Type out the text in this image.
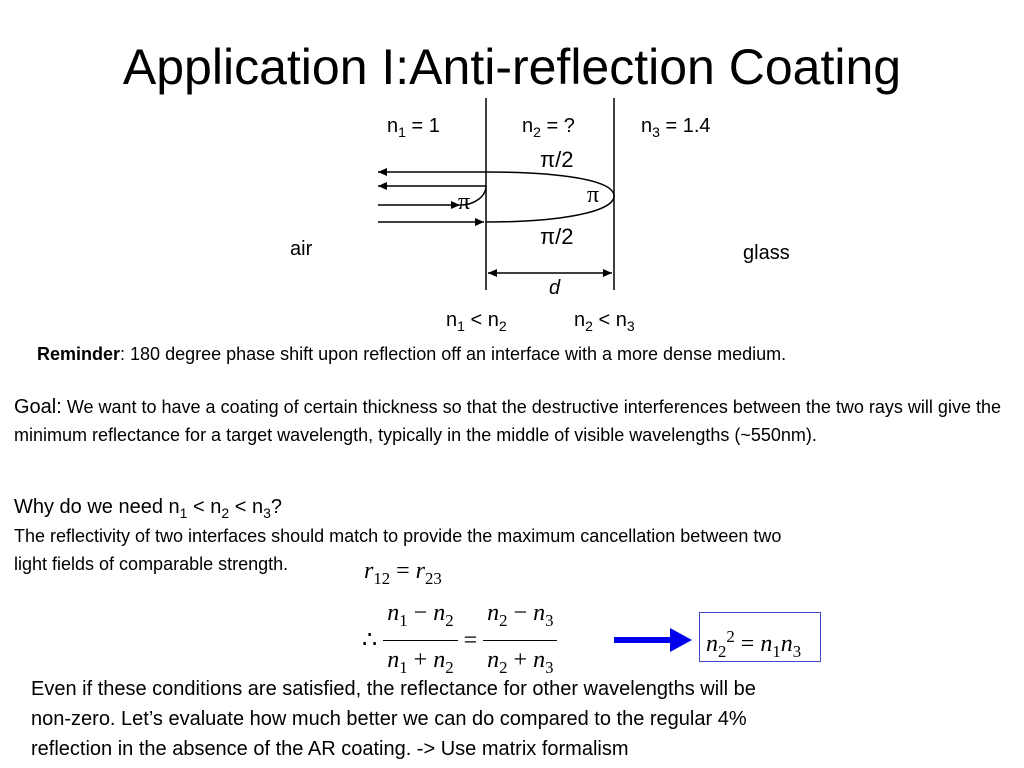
Application I:Anti-reflection Coating
$n_1 = 1$	$n_2$ = ?	$n_3 = 1.4$
π/2
π
π
π/2
air	glass
d
$n_1 < n_2$	$n_2 < n_3$
Reminder: 180 degree phase shift upon reflection off an interface with a more dense medium.
Goal: We want to have a coating of certain thickness so that the destructive interferences between the two rays will give the minimum reflectance for a target wavelength, typically in the middle of visible wavelengths (~550nm).
Why do we need $n_1 < n_2 < n_3$?
The reflectivity of two interfaces should match to provide the maximum cancellation between two
light fields of comparable strength.	$r_{12} = r_{23}$
∴ $\frac{n_1 - n_2}{n_1 + n_2} = \frac{n_2 - n_3}{n_2 + n_3}$	$n_2^2 = n_1n_3$
Even if these conditions are satisfied, the reflectance for other wavelengths will be
non-zero. Let’s evaluate how much better we can do compared to the regular 4%
reflection in the absence of the AR coating. -> Use matrix formalism
